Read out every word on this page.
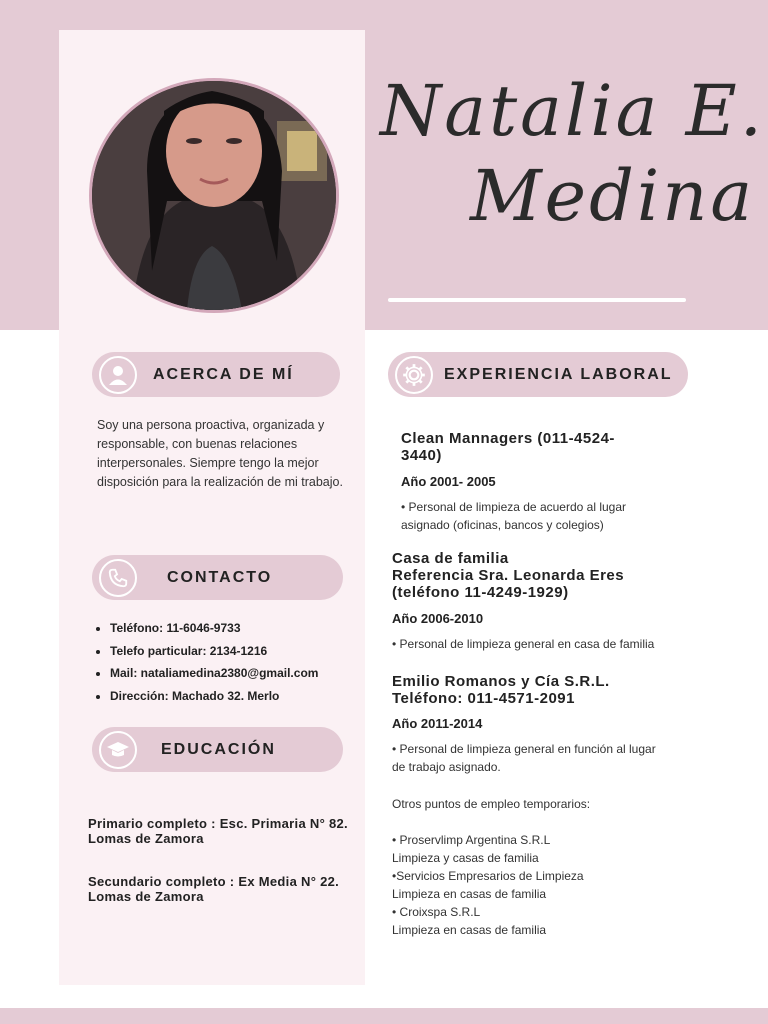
Natalia E.
Medina
ACERCA DE MÍ
Soy una persona proactiva, organizada y responsable, con buenas relaciones interpersonales. Siempre tengo la mejor disposición para la realización de mi trabajo.
CONTACTO
• Teléfono: 11-6046-9733
• Telefo particular: 2134-1216
• Mail: nataliamedina2380@gmail.com
• Dirección: Machado 32. Merlo
EDUCACIÓN
Primario completo : Esc. Primaria N° 82. Lomas de Zamora
Secundario completo : Ex Media N° 22. Lomas de Zamora
EXPERIENCIA LABORAL
Clean Mannagers (011-4524-
3440)
Año 2001- 2005
• Personal de limpieza de acuerdo al lugar
asignado (oficinas, bancos y colegios)
Casa de familia
Referencia Sra. Leonarda Eres
(teléfono 11-4249-1929)
Año 2006-2010
• Personal de limpieza general en casa de familia
Emilio Romanos y Cía S.R.L.
Teléfono: 011-4571-2091
Año 2011-2014
• Personal de limpieza general en función al lugar
de trabajo asignado.
Otros puntos de empleo temporarios:
• Proservlimp Argentina S.R.L
Limpieza y casas de familia
•Servicios Empresarios de Limpieza
Limpieza en casas de familia
• Croixspa S.R.L
Limpieza en casas de familia
